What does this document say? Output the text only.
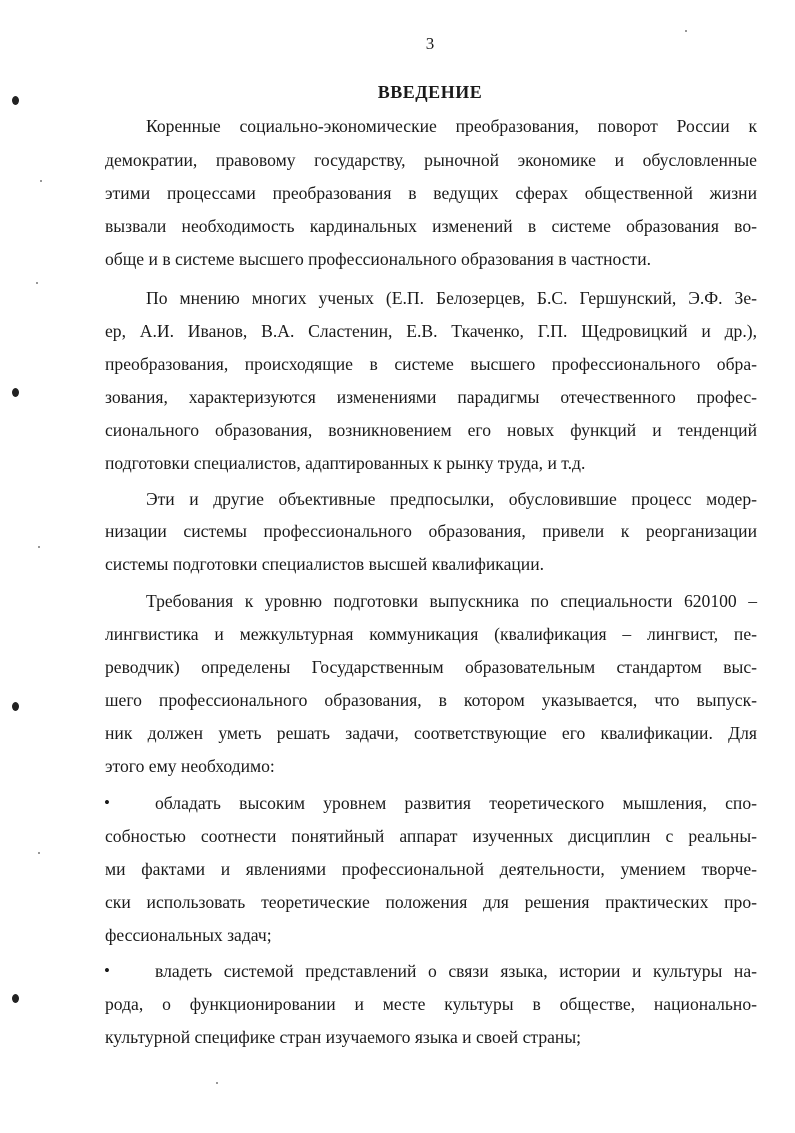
3
ВВЕДЕНИЕ
Коренные социально-экономические преобразования, поворот России к
демократии, правовому государству, рыночной экономике и обусловленные
этими процессами преобразования в ведущих сферах общественной жизни
вызвали необходимость кардинальных изменений в системе образования во-
обще и в системе высшего профессионального образования в частности.
По мнению многих ученых (Е.П. Белозерцев, Б.С. Гершунский, Э.Ф. Зе-
ер, А.И. Иванов, В.А. Сластенин, Е.В. Ткаченко, Г.П. Щедровицкий и др.),
преобразования, происходящие в системе высшего профессионального обра-
зования, характеризуются изменениями парадигмы отечественного профес-
сионального образования, возникновением его новых функций и тенденций
подготовки специалистов, адаптированных к рынку труда, и т.д.
Эти и другие объективные предпосылки, обусловившие процесс модер-
низации системы профессионального образования, привели к реорганизации
системы подготовки специалистов высшей квалификации.
Требования к уровню подготовки выпускника по специальности 620100 –
лингвистика и межкультурная коммуникация (квалификация – лингвист, пе-
реводчик) определены Государственным образовательным стандартом выс-
шего профессионального образования, в котором указывается, что выпуск-
ник должен уметь решать задачи, соответствующие его квалификации. Для
этого ему необходимо:
•	обладать высоким уровнем развития теоретического мышления, спо-
собностью соотнести понятийный аппарат изученных дисциплин с реальны-
ми фактами и явлениями профессиональной деятельности, умением творче-
ски использовать теоретические положения для решения практических про-
фессиональных задач;
•	владеть системой представлений о связи языка, истории и культуры на-
рода, о функционировании и месте культуры в обществе, национально-
культурной специфике стран изучаемого языка и своей страны;
